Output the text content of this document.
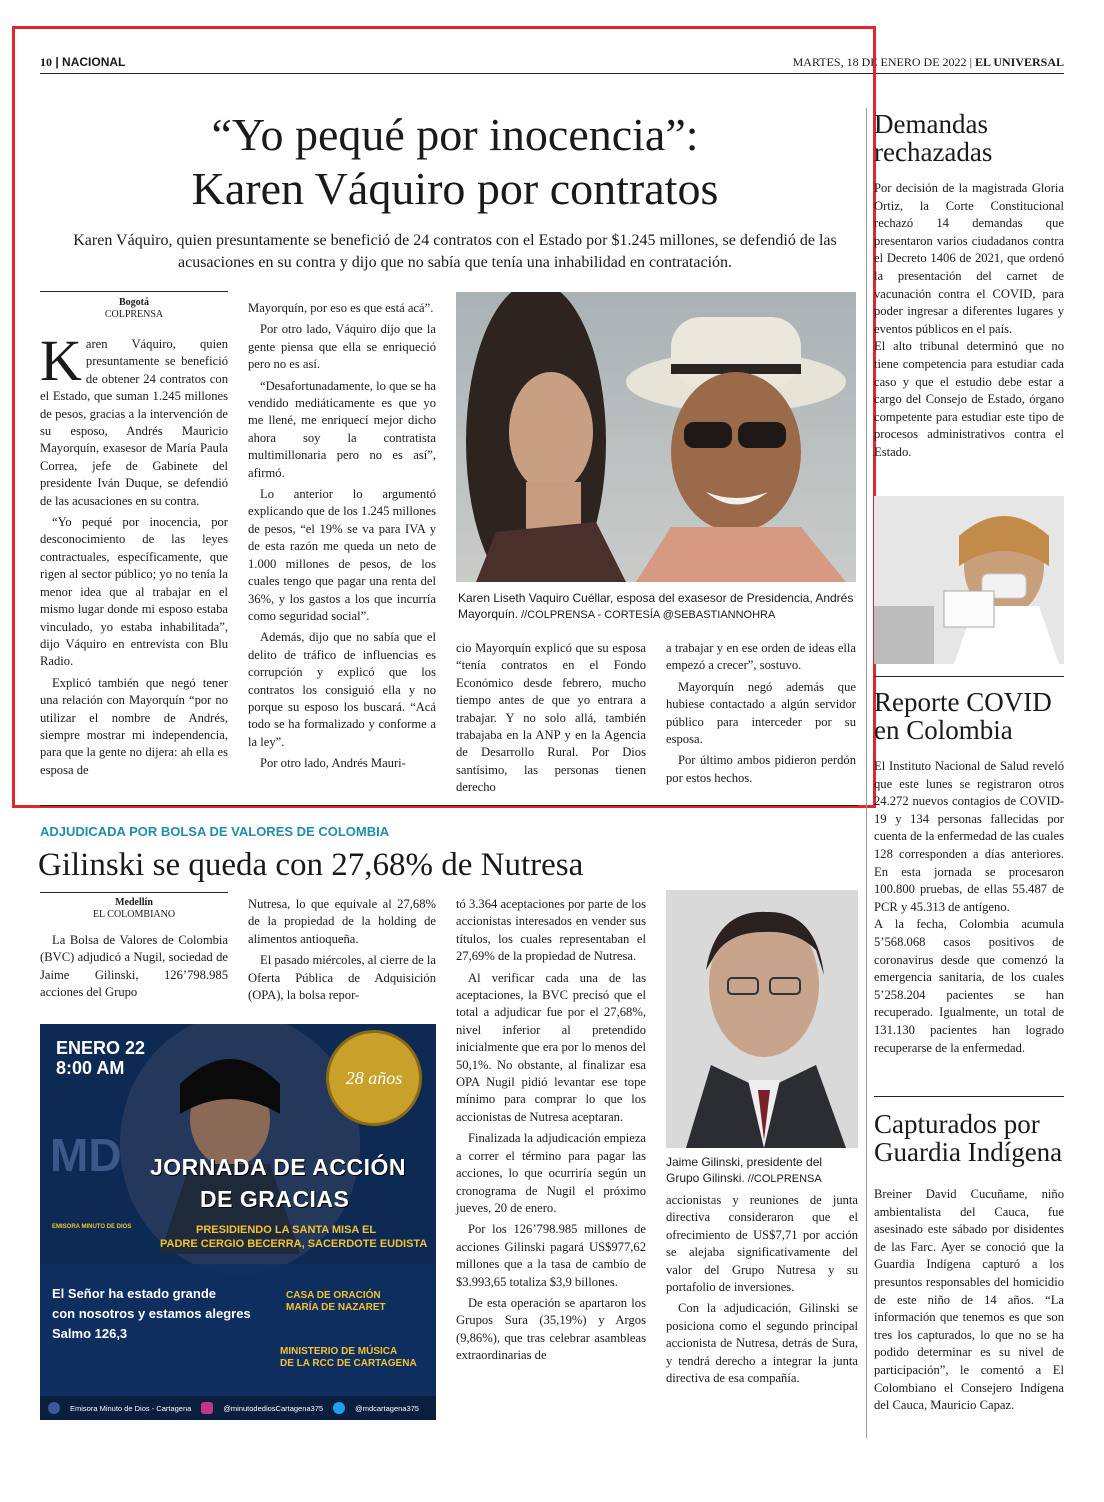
10 | NACIONAL	MARTES, 18 DE ENERO DE 2022 | EL UNIVERSAL
“Yo pequé por inocencia”:
Karen Váquiro por contratos
Karen Váquiro, quien presuntamente se benefició de 24 contratos con el Estado por $1.245 millones, se defendió de las acusaciones en su contra y dijo que no sabía que tenía una inhabilidad en contratación.
Bogotá
COLPRENSA

Karen Váquiro, quien presuntamente se benefició de obtener 24 contratos con el Estado, que suman 1.245 millones de pesos, gracias a la intervención de su esposo, Andrés Mauricio Mayorquín, exasesor de María Paula Correa, jefe de Gabinete del presidente Iván Duque, se defendió de las acusaciones en su contra.

“Yo pequé por inocencia, por desconocimiento de las leyes contractuales, específicamente, que rigen al sector público; yo no tenía la menor idea que al trabajar en el mismo lugar donde mi esposo estaba vinculado, yo estaba inhabilitada”, dijo Váquiro en entrevista con Blu Radio.

Explicó también que negó tener una relación con Mayorquín “por no utilizar el nombre de Andrés, siempre mostrar mi independencia, para que la gente no dijera: ah ella es esposa de

Mayorquín, por eso es que está acá”.

Por otro lado, Váquiro dijo que la gente piensa que ella se enriqueció pero no es así.

“Desafortunadamente, lo que se ha vendido mediáticamente es que yo me llené, me enriquecí mejor dicho ahora soy la contratista multimillonaria pero no es así”, afirmó.

Lo anterior lo argumentó explicando que de los 1.245 millones de pesos, “el 19% se va para IVA y de esta razón me queda un neto de 1.000 millones de pesos, de los cuales tengo que pagar una renta del 36%, y los gastos a los que incurría como seguridad social”.

Además, dijo que no sabía que el delito de tráfico de influencias es corrupción y explicó que los contratos los consiguió ella y no porque su esposo los buscará. “Acá todo se ha formalizado y conforme a la ley”.

Por otro lado, Andrés Mauri-

Karen Liseth Vaquiro Cuéllar, esposa del exasesor de Presidencia, Andrés Mayorquín. //COLPRENSA - CORTESÍA @SEBASTIANNOHRA

cio Mayorquín explicó que su esposa “tenía contratos en el Fondo Económico desde febrero, mucho tiempo antes de que yo entrara a trabajar. Y no solo allá, también trabajaba en la ANP y en la Agencia de Desarrollo Rural. Por Dios santísimo, las personas tienen derecho

a trabajar y en ese orden de ideas ella empezó a crecer”, sostuvo.

Mayorquín negó además que hubiese contactado a algún servidor público para interceder por su esposa.

Por último ambos pidieron perdón por estos hechos.

ADJUDICADA POR BOLSA DE VALORES DE COLOMBIA
Gilinski se queda con 27,68% de Nutresa
Medellín
EL COLOMBIANO

La Bolsa de Valores de Colombia (BVC) adjudicó a Nugil, sociedad de Jaime Gilinski, 126’798.985 acciones del Grupo

Nutresa, lo que equivale al 27,68% de la propiedad de la holding de alimentos antioqueña.

El pasado miércoles, al cierre de la Oferta Pública de Adquisición (OPA), la bolsa repor-

tó 3.364 aceptaciones por parte de los accionistas interesados en vender sus títulos, los cuales representaban el 27,69% de la propiedad de Nutresa.

Al verificar cada una de las aceptaciones, la BVC precisó que el total a adjudicar fue por el 27,68%, nivel inferior al pretendido inicialmente que era por lo menos del 50,1%. No obstante, al finalizar esa OPA Nugil pidió levantar ese tope mínimo para comprar lo que los accionistas de Nutresa aceptaran.

Finalizada la adjudicación empieza a correr el término para pagar las acciones, lo que ocurriría según un cronograma de Nugil el próximo jueves, 20 de enero.

Por los 126’798.985 millones de acciones Gilinski pagará US$977,62 millones que a la tasa de cambio de $3.993,65 totaliza $3,9 billones.

De esta operación se apartaron los Grupos Sura (35,19%) y Argos (9,86%), que tras celebrar asambleas extraordinarias de

Jaime Gilinski, presidente del Grupo Gilinski. //COLPRENSA

accionistas y reuniones de junta directiva consideraron que el ofrecimiento de US$7,71 por acción se alejaba significativamente del valor del Grupo Nutresa y su portafolio de inversiones.

Con la adjudicación, Gilinski se posiciona como el segundo principal accionista de Nutresa, detrás de Sura, y tendrá derecho a integrar la junta directiva de esa compañía.

ENERO 22
8:00 AM	28 años
MD JORNADA DE ACCIÓN
DE GRACIAS
EMISORA MINUTO DE DIOS	PRESIDIENDO LA SANTA MISA EL
PADRE CERGIO BECERRA, SACERDOTE EUDISTA
El Señor ha estado grande
con nosotros y estamos alegres
Salmo 126,3
CASA DE ORACIÓN
MARÍA DE NAZARET
MINISTERIO DE MÚSICA
DE LA RCC DE CARTAGENA
Emisora Minuto de Dios - Cartagena	@minutodediosCartagena375	@mdcartagena375
Demandas
rechazadas

Por decisión de la magistrada Gloria Ortiz, la Corte Constitucional rechazó 14 demandas que presentaron varios ciudadanos contra el Decreto 1406 de 2021, que ordenó la presentación del carnet de vacunación contra el COVID, para poder ingresar a diferentes lugares y eventos públicos en el país.

El alto tribunal determinó que no tiene competencia para estudiar cada caso y que el estudio debe estar a cargo del Consejo de Estado, órgano competente para estudiar este tipo de procesos administrativos contra el Estado.

Reporte COVID
en Colombia

El Instituto Nacional de Salud reveló que este lunes se registraron otros 24.272 nuevos contagios de COVID-19 y 134 personas fallecidas por cuenta de la enfermedad de las cuales 128 corresponden a días anteriores. En esta jornada se procesaron 100.800 pruebas, de ellas 55.487 de PCR y 45.313 de antígeno.

A la fecha, Colombia acumula 5’568.068 casos positivos de coronavirus desde que comenzó la emergencia sanitaria, de los cuales 5’258.204 pacientes se han recuperado. Igualmente, un total de 131.130 pacientes han logrado recuperarse de la enfermedad.

Capturados por
Guardia Indígena

Breiner David Cucuñame, niño ambientalista del Cauca, fue asesinado este sábado por disidentes de las Farc. Ayer se conoció que la Guardia Indígena capturó a los presuntos responsables del homicidio de este niño de 14 años. “La información que tenemos es que son tres los capturados, lo que no se ha podido determinar es su nivel de participación”, le comentó a El Colombiano el Consejero Indígena del Cauca, Mauricio Capaz.
